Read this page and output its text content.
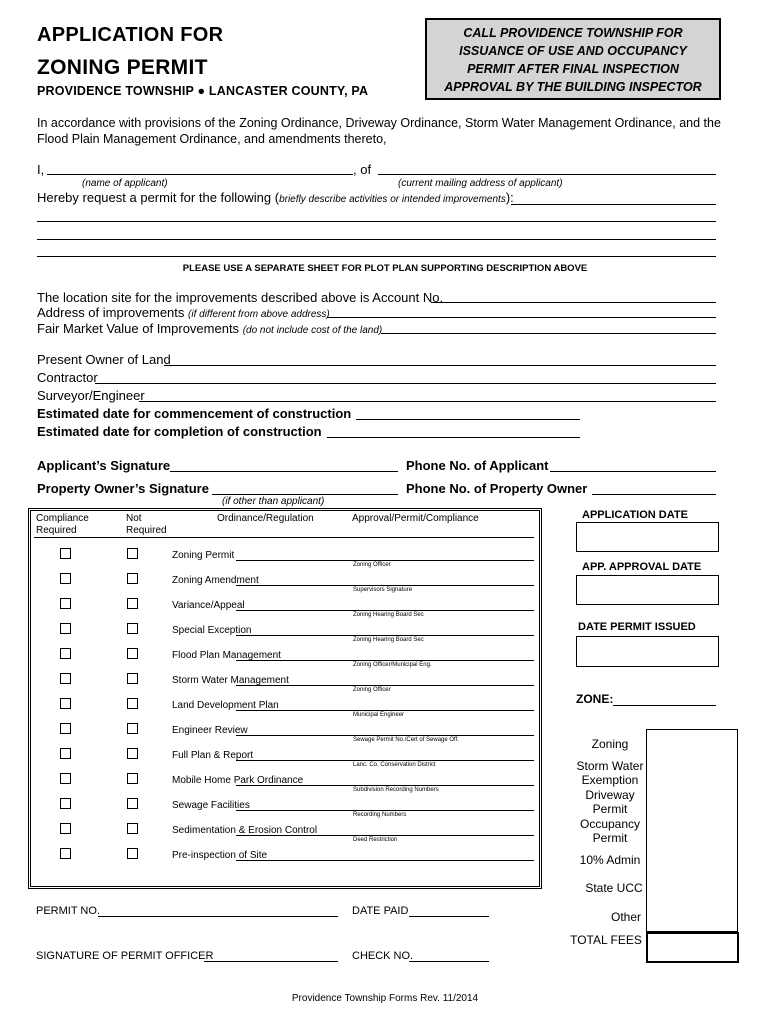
APPLICATION FOR
ZONING PERMIT
PROVIDENCE TOWNSHIP ● LANCASTER COUNTY, PA
CALL PROVIDENCE TOWNSHIP FOR
ISSUANCE OF USE AND OCCUPANCY
PERMIT AFTER FINAL INSPECTION
APPROVAL BY THE BUILDING INSPECTOR
In accordance with provisions of the Zoning Ordinance, Driveway Ordinance, Storm Water Management Ordinance, and the
Flood Plain Management Ordinance, and amendments thereto,
I,	, of
(name of applicant)	(current mailing address of applicant)
Hereby request a permit for the following (briefly describe activities or intended improvements):
PLEASE USE A SEPARATE SHEET FOR PLOT PLAN SUPPORTING DESCRIPTION ABOVE
The location site for the improvements described above is Account No.
Address of improvements (if different from above address)
Fair Market Value of Improvements (do not include cost of the land)
Present Owner of Land
Contractor
Surveyor/Engineer
Estimated date for commencement of construction
Estimated date for completion of construction
Applicant’s Signature	Phone No. of Applicant
Property Owner’s Signature	Phone No. of Property Owner
(if other than applicant)
Compliance
Required
Not
Required
Ordinance/Regulation	Approval/Permit/Compliance
Zoning Permit
Zoning Officer
Zoning Amendment
Supervisors Signature
Variance/Appeal
Zoning Hearing Board Sec
Special Exception
Zoning Hearing Board Sec
Flood Plan Management
Zoning Officer/Municipal Eng.
Storm Water Management
Zoning Officer
Land Development Plan
Municipal Engineer
Engineer Review
Sewage Permit No./Cert of Sewage Off.
Full Plan & Report
Lanc. Co. Conservation District
Mobile Home Park Ordinance
Subdivision Recording Numbers
Sewage Facilities
Recording Numbers
Sedimentation & Erosion Control
Deed Restriction
Pre-inspection of Site
APPLICATION DATE
APP. APPROVAL DATE
DATE PERMIT ISSUED
ZONE:
Zoning
Storm Water Exemption
Driveway Permit
Occupancy Permit
10% Admin
State UCC
Other
TOTAL FEES
PERMIT NO.	DATE PAID
SIGNATURE OF PERMIT OFFICER	CHECK NO.
Providence Township Forms Rev. 11/2014
